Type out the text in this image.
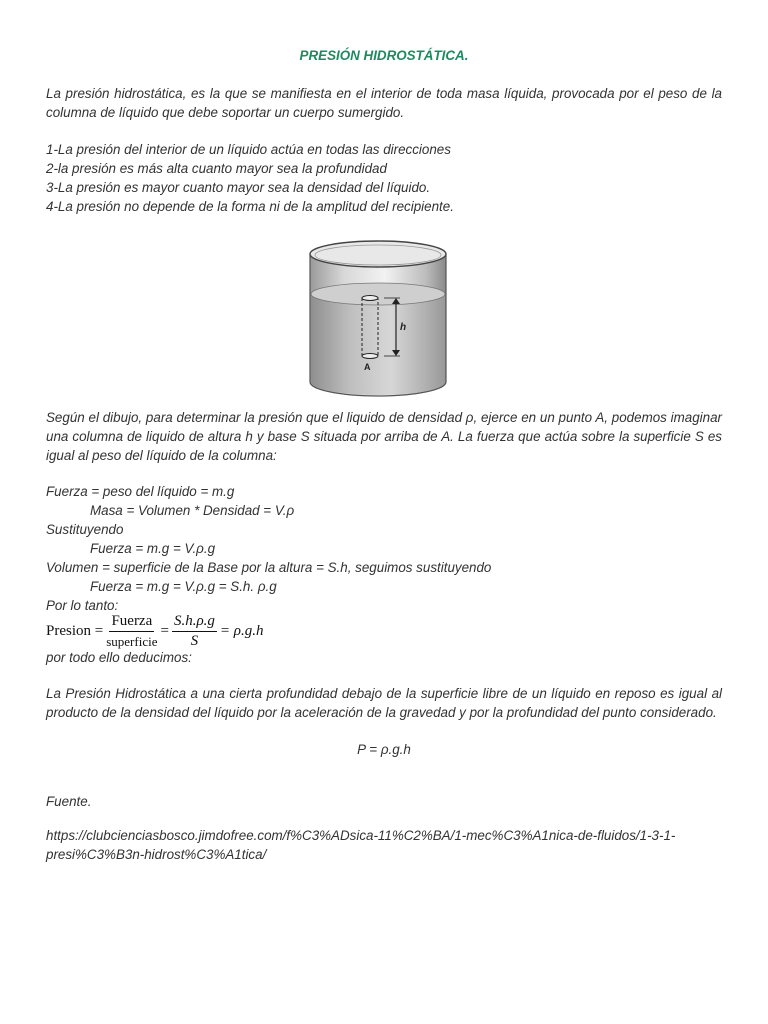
PRESIÓN HIDROSTÁTICA.
La presión hidrostática, es la que se manifiesta en el interior de toda masa líquida, provocada por el peso de la columna de líquido que debe soportar un cuerpo sumergido.
1-La presión del interior de un líquido actúa en todas las direcciones
2-la presión es más alta cuanto mayor sea la profundidad
3-La presión es mayor cuanto mayor sea la densidad del líquido.
4-La presión no depende de la forma ni de la amplitud del recipiente.
h
A
Según el dibujo, para determinar la presión que el liquido de densidad ρ, ejerce en un punto A, podemos imaginar una columna de liquido de altura h y base S situada por arriba de A. La fuerza que actúa sobre la superficie S es igual al peso del líquido de la columna:
Fuerza = peso del líquido = m.g
Masa = Volumen * Densidad = V.ρ
Sustituyendo
Fuerza = m.g = V.ρ.g
Volumen = superficie de la Base por la altura = S.h, seguimos sustituyendo
Fuerza = m.g = V.ρ.g = S.h. ρ.g
Por lo tanto:
Presion = $\frac{\text{Fuerza}}{\text{superficie}} = \frac{S.h.\rho.g}{S} = \rho.g.h$
por todo ello deducimos:
La Presión Hidrostática a una cierta profundidad debajo de la superficie libre de un líquido en reposo es igual al producto de la densidad del líquido por la aceleración de la gravedad y por la profundidad del punto considerado.
P = ρ.g.h
Fuente.
https://clubcienciasbosco.jimdofree.com/f%C3%ADsica-11%C2%BA/1-mec%C3%A1nica-de-fluidos/1-3-1-
presi%C3%B3n-hidrost%C3%A1tica/
